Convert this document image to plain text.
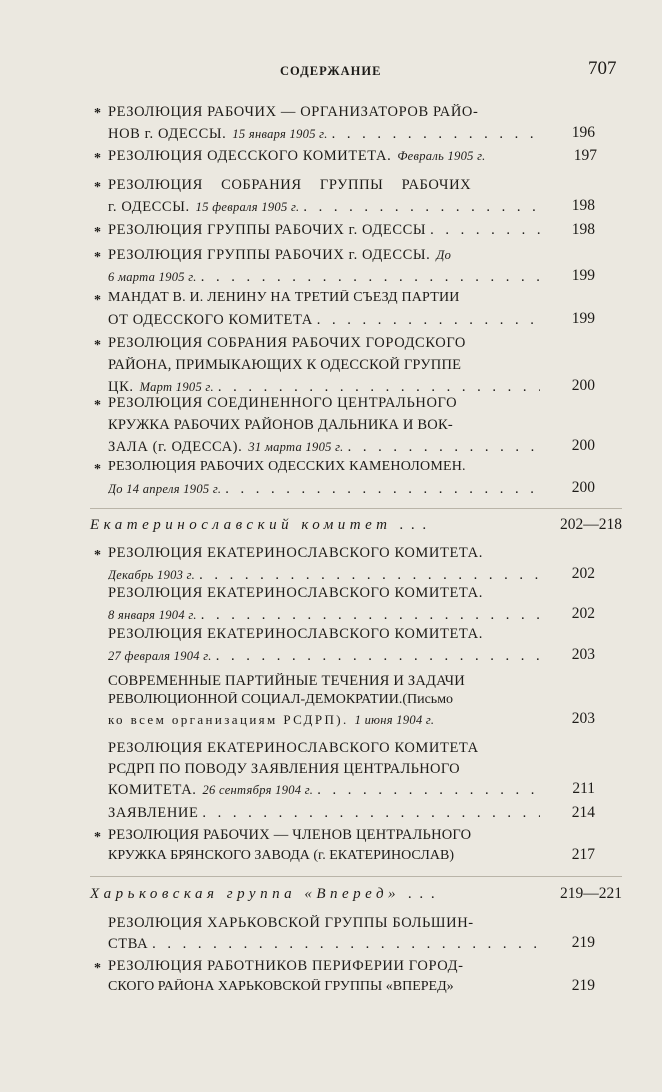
СОДЕРЖАНИЕ	707
* РЕЗОЛЮЦИЯ РАБОЧИХ — ОРГАНИЗАТОРОВ РАЙО-
НОВ г. ОДЕССЫ. 15 января 1905 г. . . .	196
* РЕЗОЛЮЦИЯ ОДЕССКОГО КОМИТЕТА. Февраль 1905 г.	197
* РЕЗОЛЮЦИЯ СОБРАНИЯ ГРУППЫ РАБОЧИХ
г. ОДЕССЫ. 15 февраля 1905 г. . . .	198
* РЕЗОЛЮЦИЯ ГРУППЫ РАБОЧИХ г. ОДЕССЫ . . .	198
* РЕЗОЛЮЦИЯ ГРУППЫ РАБОЧИХ г. ОДЕССЫ. До
6 марта 1905 г. . . .	199
* МАНДАТ В. И. ЛЕНИНУ НА ТРЕТИЙ СЪЕЗД ПАРТИИ
ОТ ОДЕССКОГО КОМИТЕТА . . .	199
* РЕЗОЛЮЦИЯ СОБРАНИЯ РАБОЧИХ ГОРОДСКОГО
РАЙОНА, ПРИМЫКАЮЩИХ К ОДЕССКОЙ ГРУППЕ
ЦК. Март 1905 г. . . .	200
* РЕЗОЛЮЦИЯ СОЕДИНЕННОГО ЦЕНТРАЛЬНОГО
КРУЖКА РАБОЧИХ РАЙОНОВ ДАЛЬНИКА И ВОК-
ЗАЛА (г. ОДЕССА). 31 марта 1905 г. . . .	200
* РЕЗОЛЮЦИЯ РАБОЧИХ ОДЕССКИХ КАМЕНОЛОМЕН.
До 14 апреля 1905 г. . . .	200
Екатеринославский комитет . . .	202—218
* РЕЗОЛЮЦИЯ ЕКАТЕРИНОСЛАВСКОГО КОМИТЕТА.
Декабрь 1903 г. . . .	202
РЕЗОЛЮЦИЯ ЕКАТЕРИНОСЛАВСКОГО КОМИТЕТА.
8 января 1904 г. . . .	202
РЕЗОЛЮЦИЯ ЕКАТЕРИНОСЛАВСКОГО КОМИТЕТА.
27 февраля 1904 г. . . .	203
СОВРЕМЕННЫЕ ПАРТИЙНЫЕ ТЕЧЕНИЯ И ЗАДАЧИ
РЕВОЛЮЦИОННОЙ СОЦИАЛ-ДЕМОКРАТИИ.(Письмо
ко всем организациям РСДРП). 1 июня 1904 г.	203
РЕЗОЛЮЦИЯ ЕКАТЕРИНОСЛАВСКОГО КОМИТЕТА
РСДРП ПО ПОВОДУ ЗАЯВЛЕНИЯ ЦЕНТРАЛЬНОГО
КОМИТЕТА. 26 сентября 1904 г. . . .	211
ЗАЯВЛЕНИЕ . . .	214
* РЕЗОЛЮЦИЯ РАБОЧИХ — ЧЛЕНОВ ЦЕНТРАЛЬНОГО
КРУЖКА БРЯНСКОГО ЗАВОДА (г. ЕКАТЕРИНОСЛАВ)	217
Харьковская группа «Вперед» . . .	219—221
РЕЗОЛЮЦИЯ ХАРЬКОВСКОЙ ГРУППЫ БОЛЬШИН-
СТВА . . .	219
* РЕЗОЛЮЦИЯ РАБОТНИКОВ ПЕРИФЕРИИ ГОРОД-
СКОГО РАЙОНА ХАРЬКОВСКОЙ ГРУППЫ «ВПЕРЕД»	219
